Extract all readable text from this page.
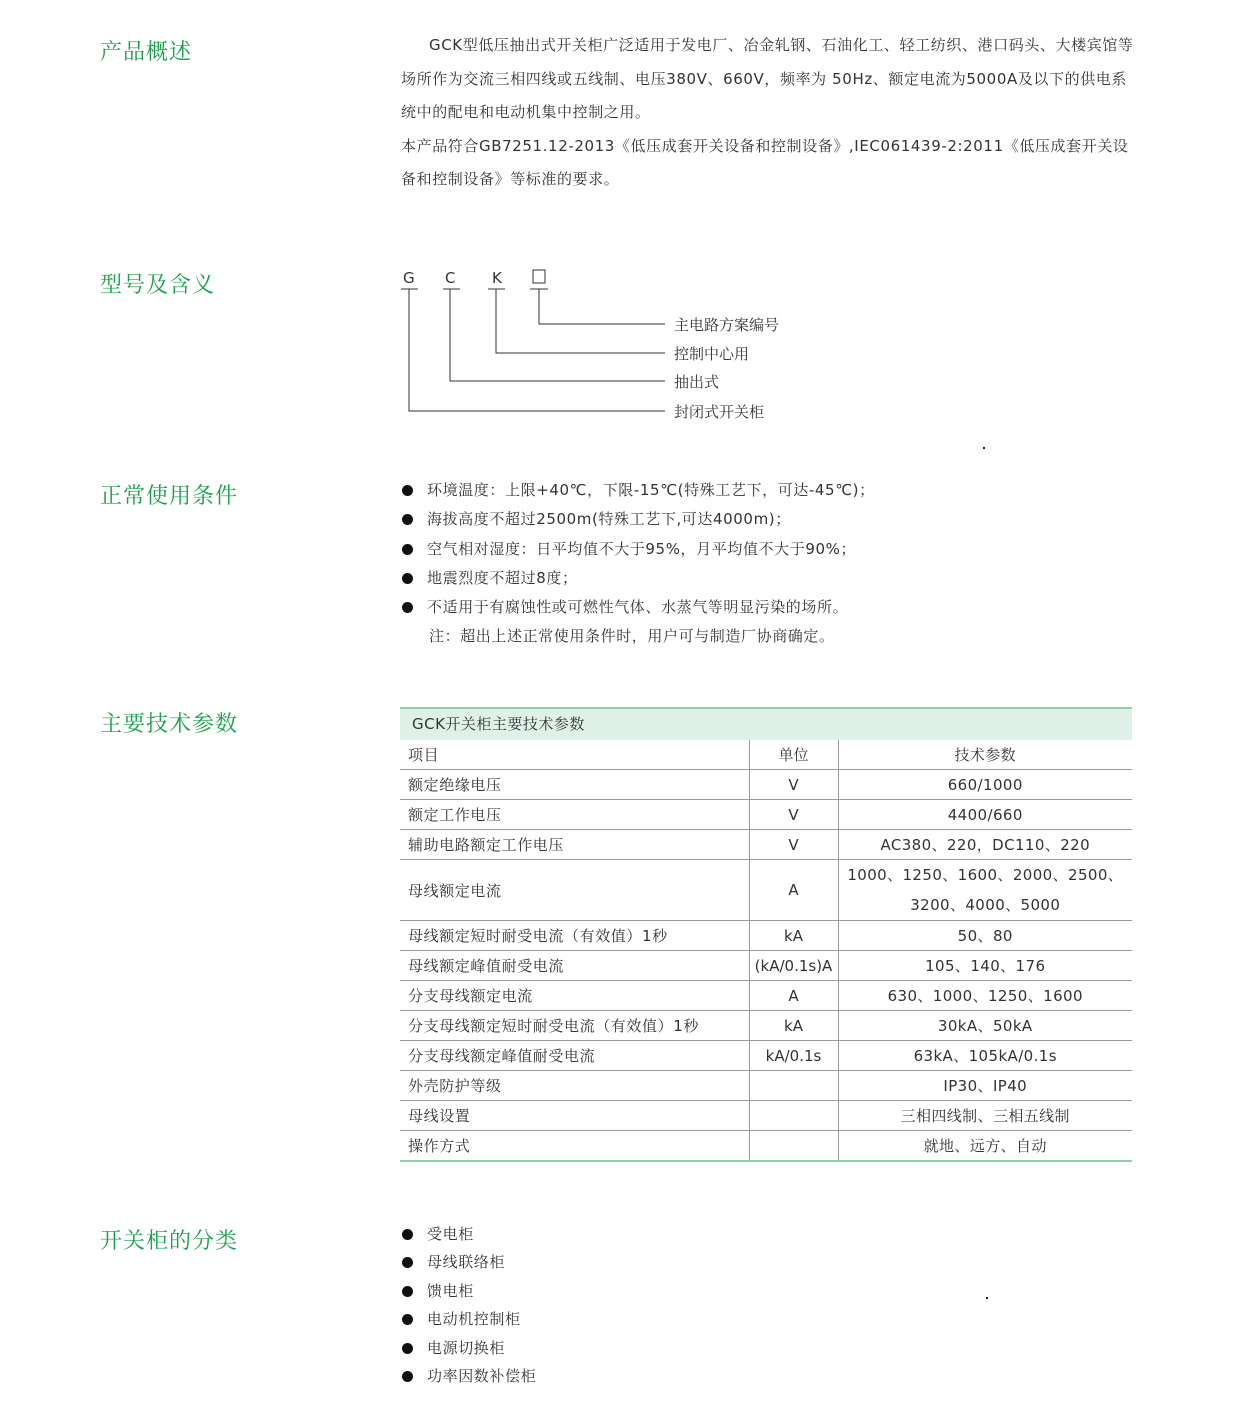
产品概述	GCK型低压抽出式开关柜广泛适用于发电厂、冶金轧钢、石油化工、轻工纺织、港口码头、大楼宾馆等场所作为交流三相四线或五线制、电压380V、660V，频率为 50Hz、额定电流为5000A及以下的供电系统中的配电和电动机集中控制之用。

本产品符合GB7251.12-2013《低压成套开关设备和控制设备》,IEC061439-2:2011《低压成套开关设备和控制设备》等标准的要求。

型号及含义	G C K
主电路方案编号
控制中心用
抽出式
封闭式开关柜
正常使用条件	环境温度：上限+40℃，下限-15℃(特殊工艺下，可达-45℃)；
海拔高度不超过2500m(特殊工艺下,可达4000m)；
空气相对湿度：日平均值不大于95%，月平均值不大于90%；
地震烈度不超过8度；
不适用于有腐蚀性或可燃性气体、水蒸气等明显污染的场所。
注：超出上述正常使用条件时，用户可与制造厂协商确定。
主要技术参数	GCK开关柜主要技术参数
项目	单位	技术参数
额定绝缘电压	V	660/1000
额定工作电压	V	4400/660
辅助电路额定工作电压	V	AC380、220，DC110、220
母线额定电流	A	1000、1250、1600、2000、2500、3200、4000、5000
母线额定短时耐受电流（有效值）1秒	kA	50、80
母线额定峰值耐受电流	(kA/0.1s)A	105、140、176
分支母线额定电流	A	630、1000、1250、1600
分支母线额定短时耐受电流（有效值）1秒	kA	30kA、50kA
分支母线额定峰值耐受电流	kA/0.1s	63kA、105kA/0.1s
外壳防护等级		IP30、IP40
母线设置		三相四线制、三相五线制
操作方式		就地、远方、自动
开关柜的分类	受电柜
母线联络柜
馈电柜
电动机控制柜
电源切换柜
功率因数补偿柜
